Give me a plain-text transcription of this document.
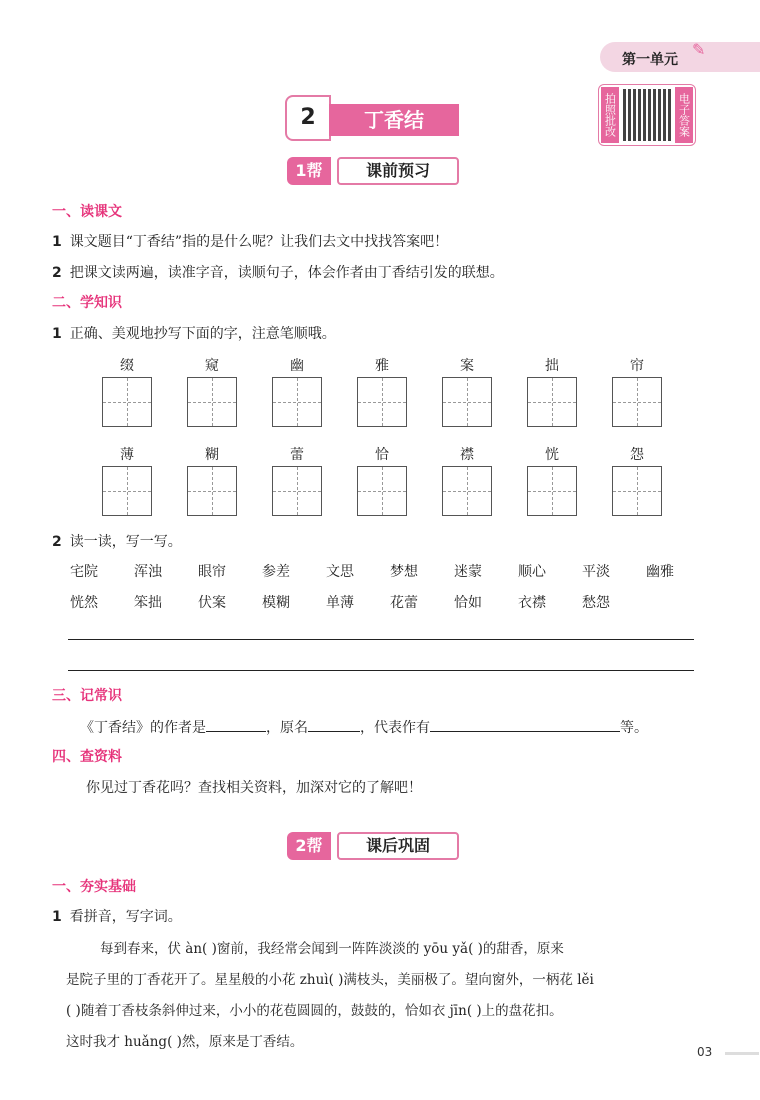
第一单元
✎
拍照批改	电子答案
2	丁香结
1帮	课前预习
一、读课文
1 课文题目“丁香结”指的是什么呢？让我们去文中找找答案吧！
2 把课文读两遍，读准字音，读顺句子，体会作者由丁香结引发的联想。
二、学知识
1 正确、美观地抄写下面的字，注意笔顺哦。
缀	窥	幽	雅	案	拙	帘
薄	糊	蕾	恰	襟	恍	怨
2 读一读，写一写。
宅院	浑浊	眼帘	参差	文思	梦想	迷蒙	顺心	平淡	幽雅
恍然	笨拙	伏案	模糊	单薄	花蕾	恰如	衣襟	愁怨
三、记常识
《丁香结》的作者是	，原名	，代表作有	等。
四、查资料
你见过丁香花吗？查找相关资料，加深对它的了解吧！
2帮	课后巩固
一、夯实基础
1 看拼音，写字词。
每到春来，伏 àn( )窗前，我经常会闻到一阵阵淡淡的 yōu yǎ( )的甜香，原来
是院子里的丁香花开了。星星般的小花 zhuì( )满枝头，美丽极了。望向窗外，一柄花 lěi
( )随着丁香枝条斜伸过来，小小的花苞圆圆的，鼓鼓的，恰如衣 jīn( )上的盘花扣。
这时我才 huǎng( )然，原来是丁香结。
03
